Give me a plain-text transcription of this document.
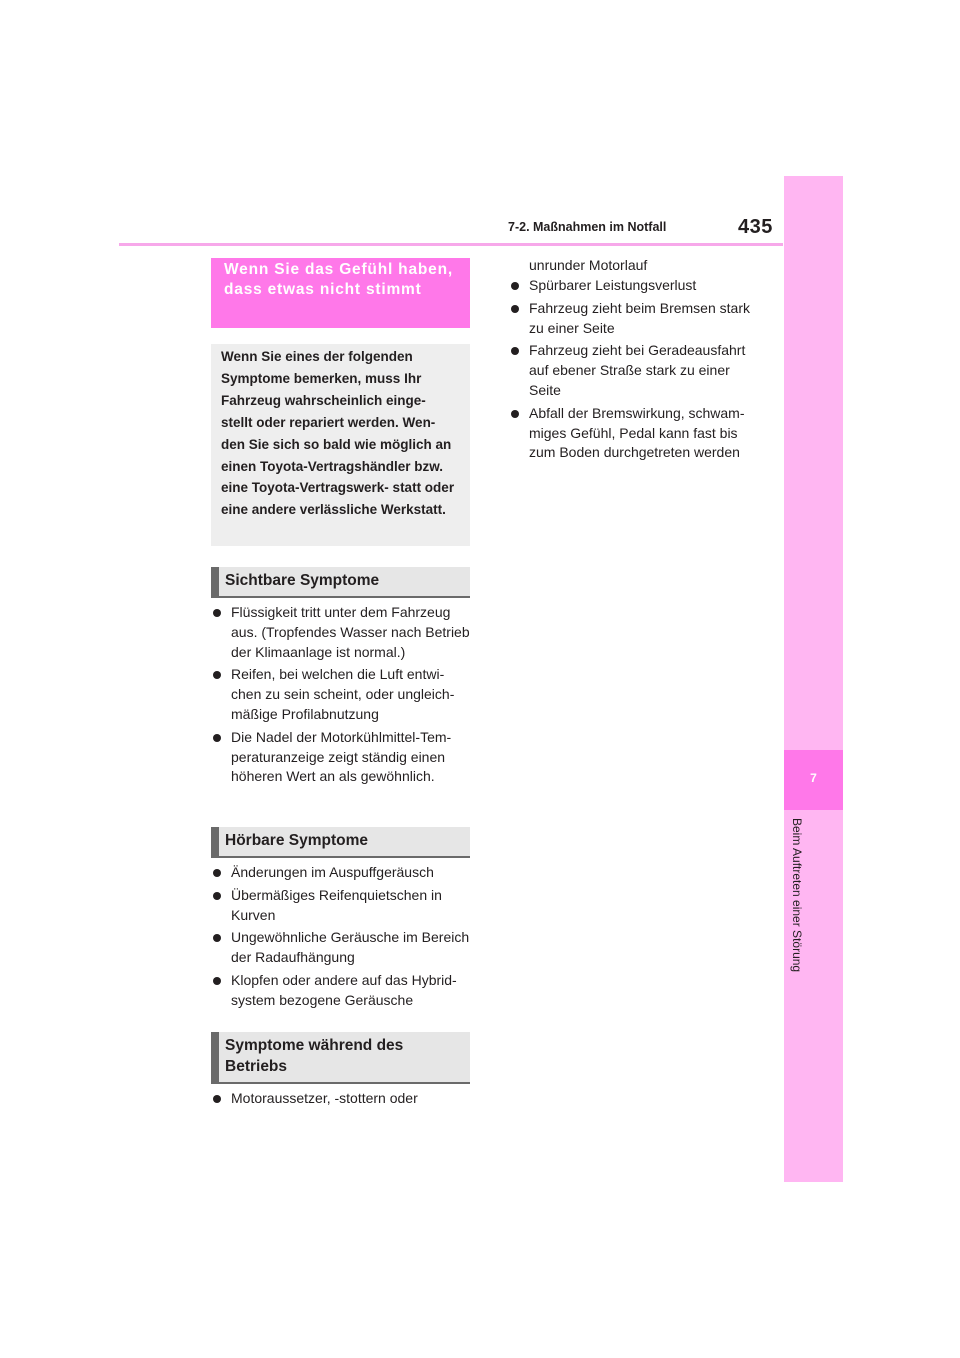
7-2. Maßnahmen im Notfall	435
7
Beim Auftreten einer Störung
Wenn Sie das Gefühl haben, dass etwas nicht stimmt
Wenn Sie eines der folgenden Symptome bemerken, muss Ihr Fahrzeug wahrscheinlich einge- stellt oder repariert werden. Wen- den Sie sich so bald wie möglich an einen Toyota-Vertragshändler bzw. eine Toyota-Vertragswerk- statt oder eine andere verlässliche Werkstatt.
Sichtbare Symptome
Flüssigkeit tritt unter dem Fahrzeug aus. (Tropfendes Wasser nach Betrieb der Klimaanlage ist normal.)
Reifen, bei welchen die Luft entwi- chen zu sein scheint, oder ungleich- mäßige Profilabnutzung
Die Nadel der Motorkühlmittel-Tem- peraturanzeige zeigt ständig einen höheren Wert an als gewöhnlich.
Hörbare Symptome
Änderungen im Auspuffgeräusch
Übermäßiges Reifenquietschen in Kurven
Ungewöhnliche Geräusche im Bereich der Radaufhängung
Klopfen oder andere auf das Hybrid- system bezogene Geräusche
Symptome während des Betriebs
Motoraussetzer, -stottern oder
unrunder Motorlauf
Spürbarer Leistungsverlust
Fahrzeug zieht beim Bremsen stark zu einer Seite
Fahrzeug zieht bei Geradeausfahrt auf ebener Straße stark zu einer Seite
Abfall der Bremswirkung, schwam- miges Gefühl, Pedal kann fast bis zum Boden durchgetreten werden
